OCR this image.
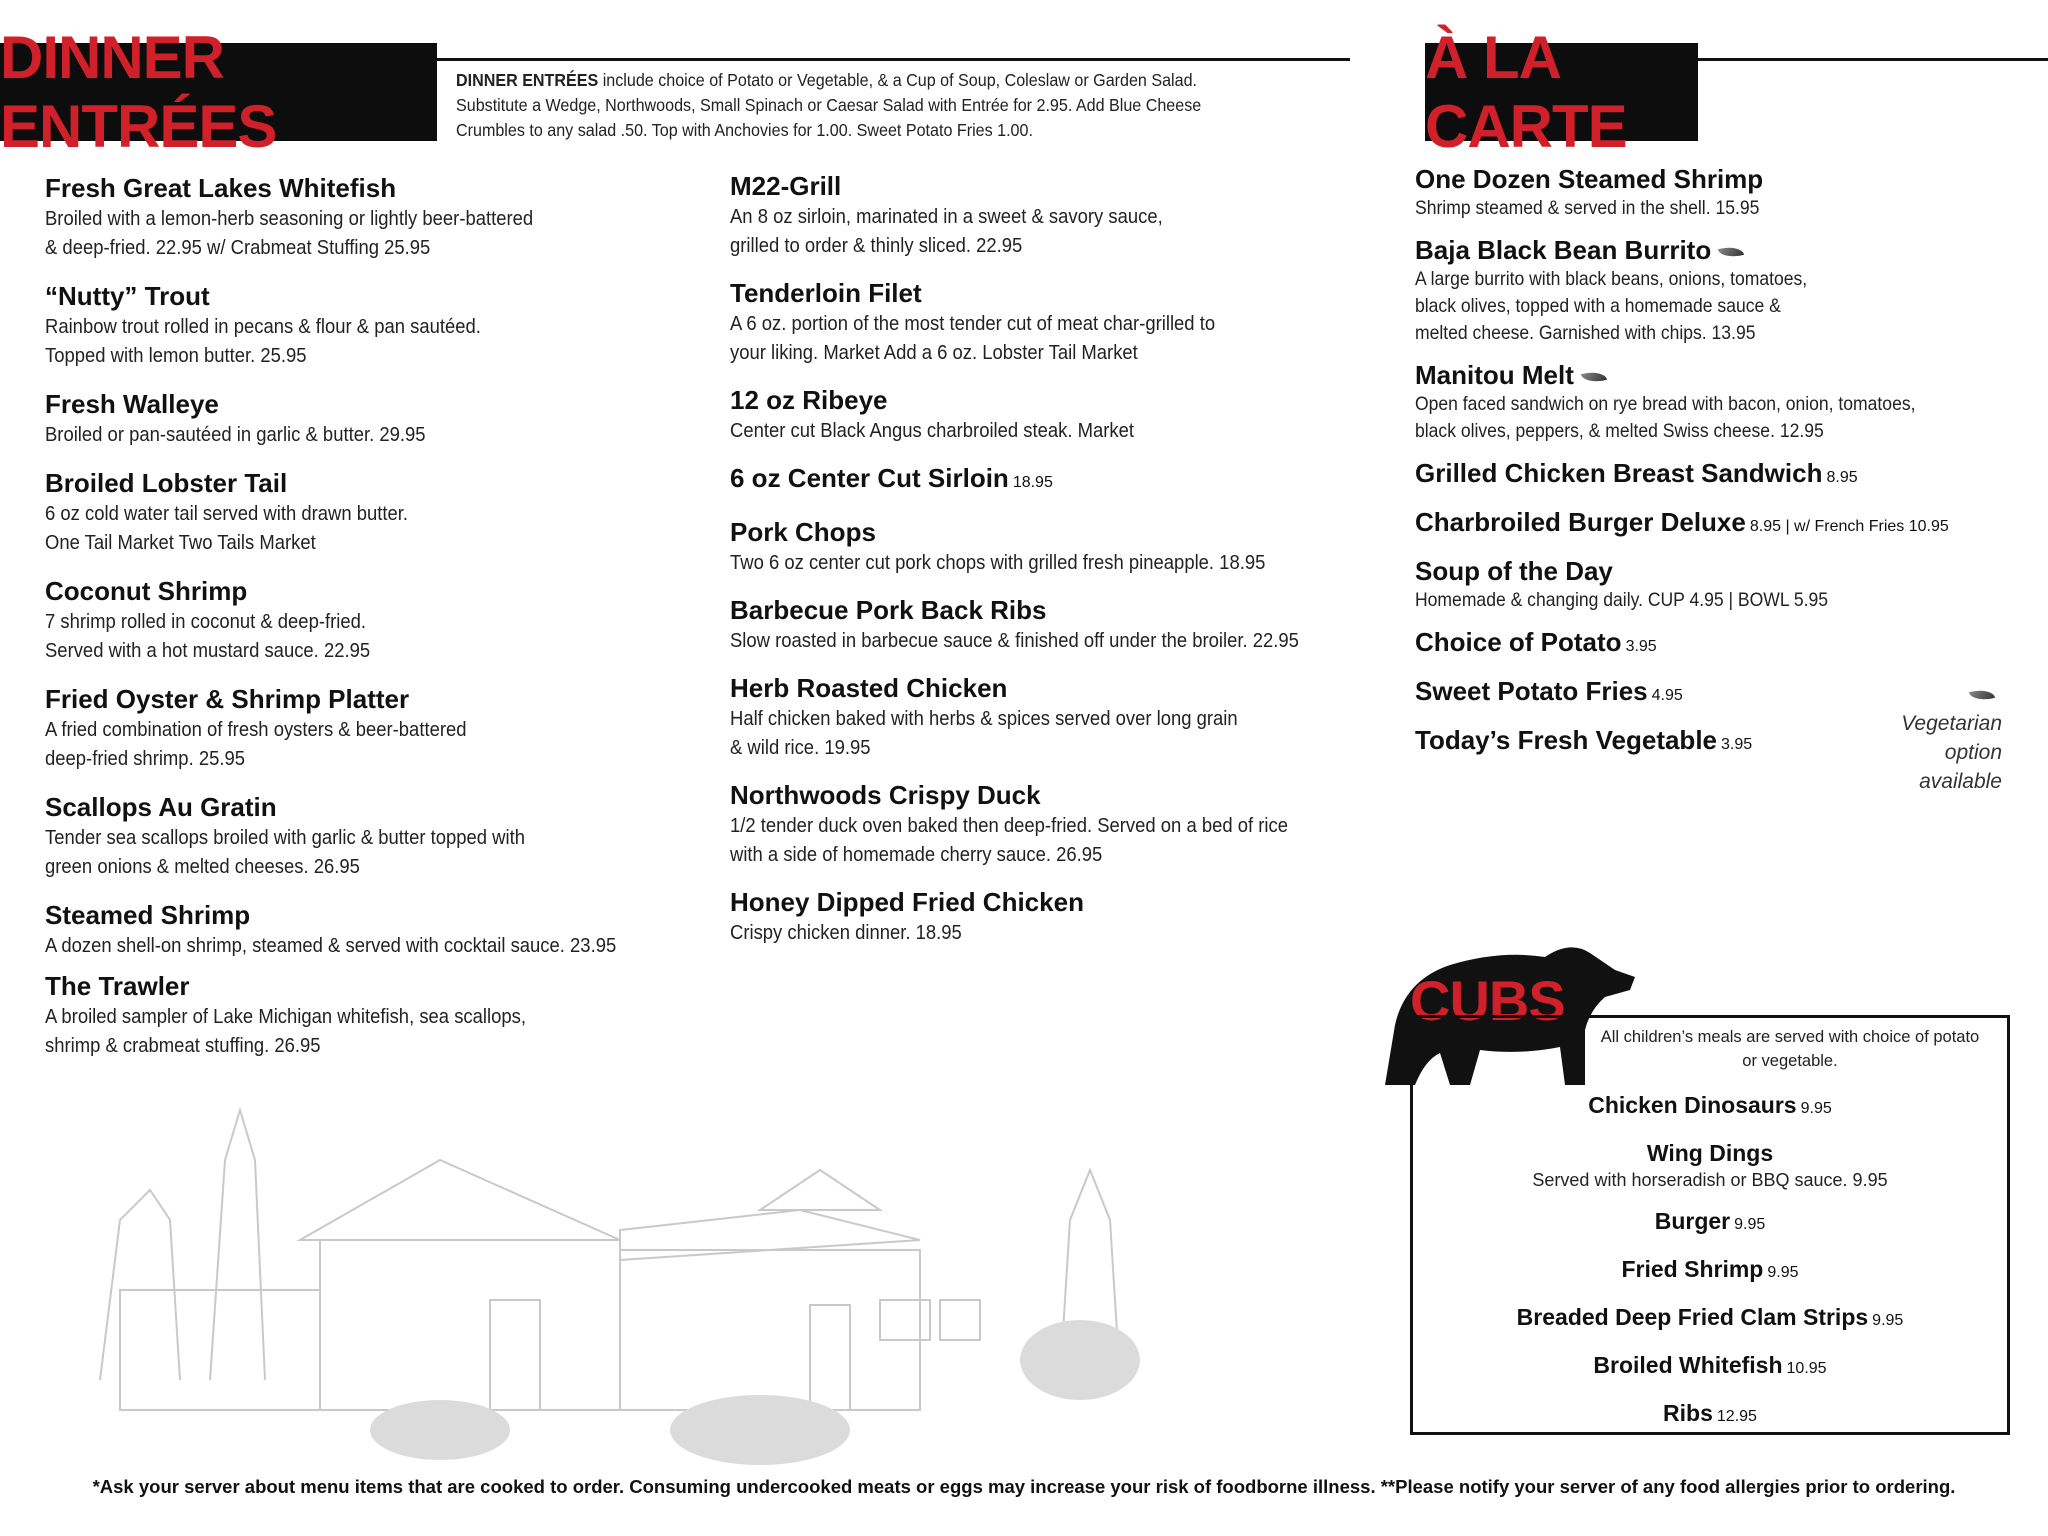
DINNER ENTRÉES
DINNER ENTRÉES include choice of Potato or Vegetable, & a Cup of Soup, Coleslaw or Garden Salad. Substitute a Wedge, Northwoods, Small Spinach or Caesar Salad with Entrée for 2.95. Add Blue Cheese Crumbles to any salad .50. Top with Anchovies for 1.00. Sweet Potato Fries 1.00.
À LA CARTE
Fresh Great Lakes Whitefish
Broiled with a lemon-herb seasoning or lightly beer-battered
& deep-fried. 22.95 w/ Crabmeat Stuffing 25.95
“Nutty” Trout
Rainbow trout rolled in pecans & flour & pan sautéed.
Topped with lemon butter. 25.95
Fresh Walleye
Broiled or pan-sautéed in garlic & butter. 29.95
Broiled Lobster Tail
6 oz cold water tail served with drawn butter.
One Tail Market Two Tails Market
Coconut Shrimp
7 shrimp rolled in coconut & deep-fried.
Served with a hot mustard sauce. 22.95
Fried Oyster & Shrimp Platter
A fried combination of fresh oysters & beer-battered
deep-fried shrimp. 25.95
Scallops Au Gratin
Tender sea scallops broiled with garlic & butter topped with
green onions & melted cheeses. 26.95
Steamed Shrimp
A dozen shell-on shrimp, steamed & served with cocktail sauce. 23.95
The Trawler
A broiled sampler of Lake Michigan whitefish, sea scallops,
shrimp & crabmeat stuffing. 26.95
M22-Grill
An 8 oz sirloin, marinated in a sweet & savory sauce,
grilled to order & thinly sliced. 22.95
Tenderloin Filet
A 6 oz. portion of the most tender cut of meat char-grilled to
your liking. Market Add a 6 oz. Lobster Tail Market
12 oz Ribeye
Center cut Black Angus charbroiled steak. Market
6 oz Center Cut Sirloin 18.95
Pork Chops
Two 6 oz center cut pork chops with grilled fresh pineapple. 18.95
Barbecue Pork Back Ribs
Slow roasted in barbecue sauce & finished off under the broiler. 22.95
Herb Roasted Chicken
Half chicken baked with herbs & spices served over long grain
& wild rice. 19.95
Northwoods Crispy Duck
1/2 tender duck oven baked then deep-fried. Served on a bed of rice
with a side of homemade cherry sauce. 26.95
Honey Dipped Fried Chicken
Crispy chicken dinner. 18.95
One Dozen Steamed Shrimp
Shrimp steamed & served in the shell. 15.95
Baja Black Bean Burrito
A large burrito with black beans, onions, tomatoes,
black olives, topped with a homemade sauce &
melted cheese. Garnished with chips. 13.95
Manitou Melt
Open faced sandwich on rye bread with bacon, onion, tomatoes,
black olives, peppers, & melted Swiss cheese. 12.95
Grilled Chicken Breast Sandwich 8.95
Charbroiled Burger Deluxe 8.95 | w/ French Fries 10.95
Soup of the Day
Homemade & changing daily. CUP 4.95 | BOWL 5.95
Choice of Potato 3.95
Sweet Potato Fries 4.95
Today’s Fresh Vegetable 3.95
Vegetarian option available
CUBS
All children’s meals are served with choice of potato or vegetable.
Chicken Dinosaurs 9.95
Wing Dings
Served with horseradish or BBQ sauce. 9.95
Burger 9.95
Fried Shrimp 9.95
Breaded Deep Fried Clam Strips 9.95
Broiled Whitefish 10.95
Ribs 12.95
*Ask your server about menu items that are cooked to order. Consuming undercooked meats or eggs may increase your risk of foodborne illness. **Please notify your server of any food allergies prior to ordering.
